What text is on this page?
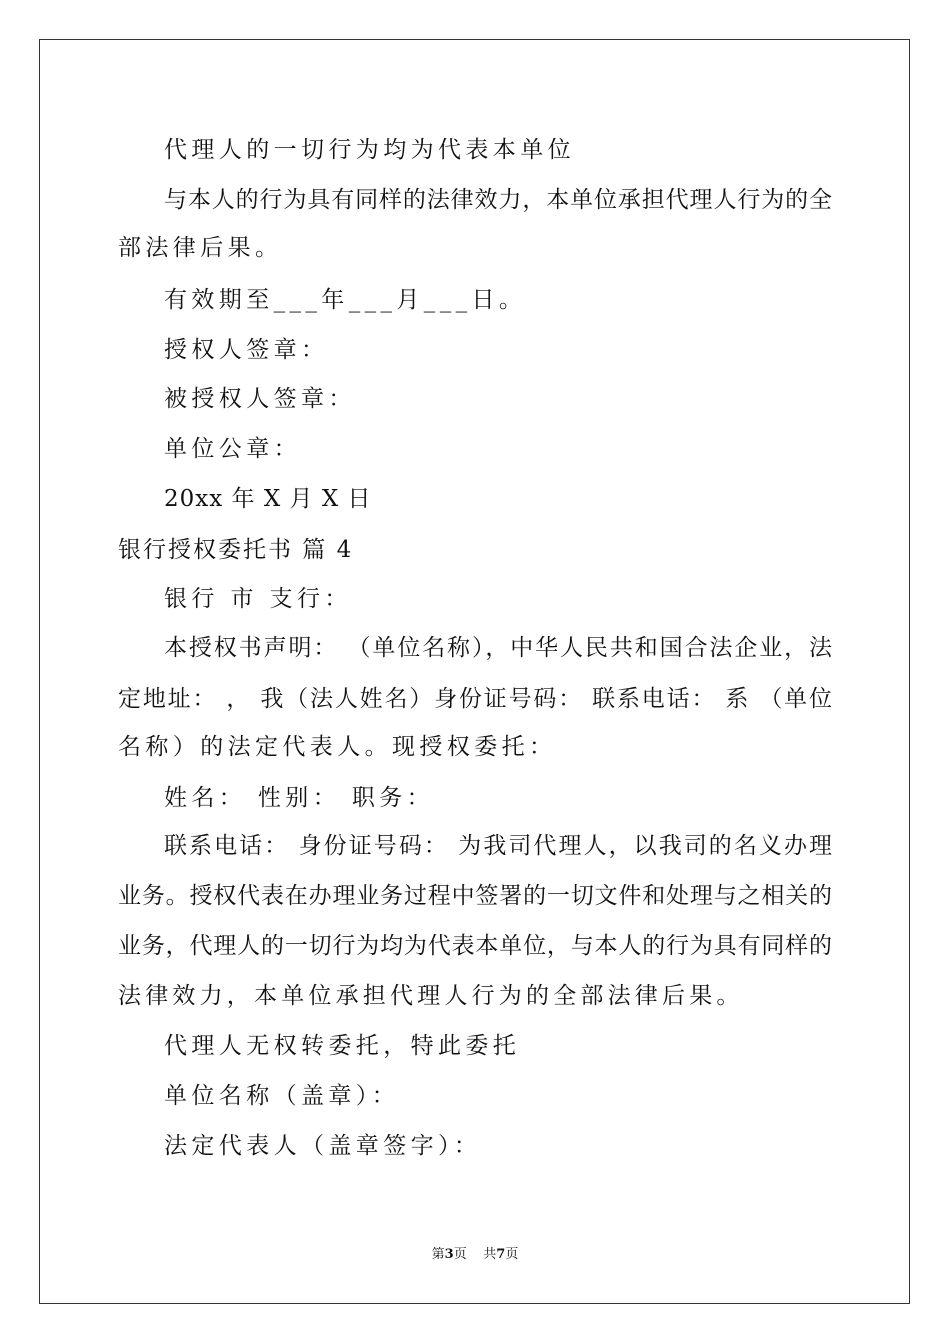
代理人的一切行为均为代表本单位
与本人的行为具有同样的法律效力，本单位承担代理人行为的全
部法律后果。
有效期至___年___月___日。
授权人签章：
被授权人签章：
单位公章：
20xx 年 X 月 X 日
银行授权委托书 篇 4
银行 市 支行：
本授权书声明： （单位名称），中华人民共和国合法企业，法
定地址： ， 我（法人姓名）身份证号码： 联系电话： 系 （单位
名称）的法定代表人。现授权委托：
姓名： 性别： 职务：
联系电话： 身份证号码： 为我司代理人，以我司的名义办理
业务。授权代表在办理业务过程中签署的一切文件和处理与之相关的
业务，代理人的一切行为均为代表本单位，与本人的行为具有同样的
法律效力，本单位承担代理人行为的全部法律后果。
代理人无权转委托，特此委托
单位名称（盖章）：
法定代表人（盖章签字）：
第3页 共7页
